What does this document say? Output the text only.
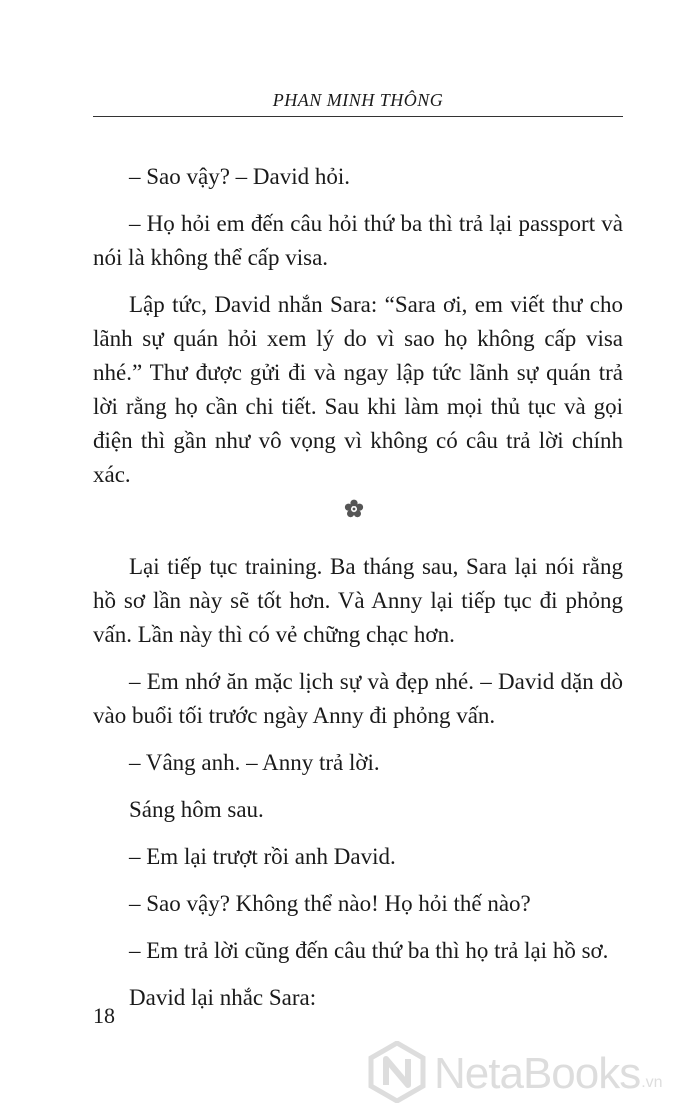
PHAN MINH THÔNG

– Sao vậy? – David hỏi.

– Họ hỏi em đến câu hỏi thứ ba thì trả lại passport và nói là không thể cấp visa.

Lập tức, David nhắn Sara: “Sara ơi, em viết thư cho lãnh sự quán hỏi xem lý do vì sao họ không cấp visa nhé.” Thư được gửi đi và ngay lập tức lãnh sự quán trả lời rằng họ cần chi tiết. Sau khi làm mọi thủ tục và gọi điện thì gần như vô vọng vì không có câu trả lời chính xác.

Lại tiếp tục training. Ba tháng sau, Sara lại nói rằng hồ sơ lần này sẽ tốt hơn. Và Anny lại tiếp tục đi phỏng vấn. Lần này thì có vẻ chững chạc hơn.

– Em nhớ ăn mặc lịch sự và đẹp nhé. – David dặn dò vào buổi tối trước ngày Anny đi phỏng vấn.

– Vâng anh. – Anny trả lời.

Sáng hôm sau.

– Em lại trượt rồi anh David.

– Sao vậy? Không thể nào! Họ hỏi thế nào?

– Em trả lời cũng đến câu thứ ba thì họ trả lại hồ sơ.

David lại nhắc Sara:

18
NetaBooks .vn
